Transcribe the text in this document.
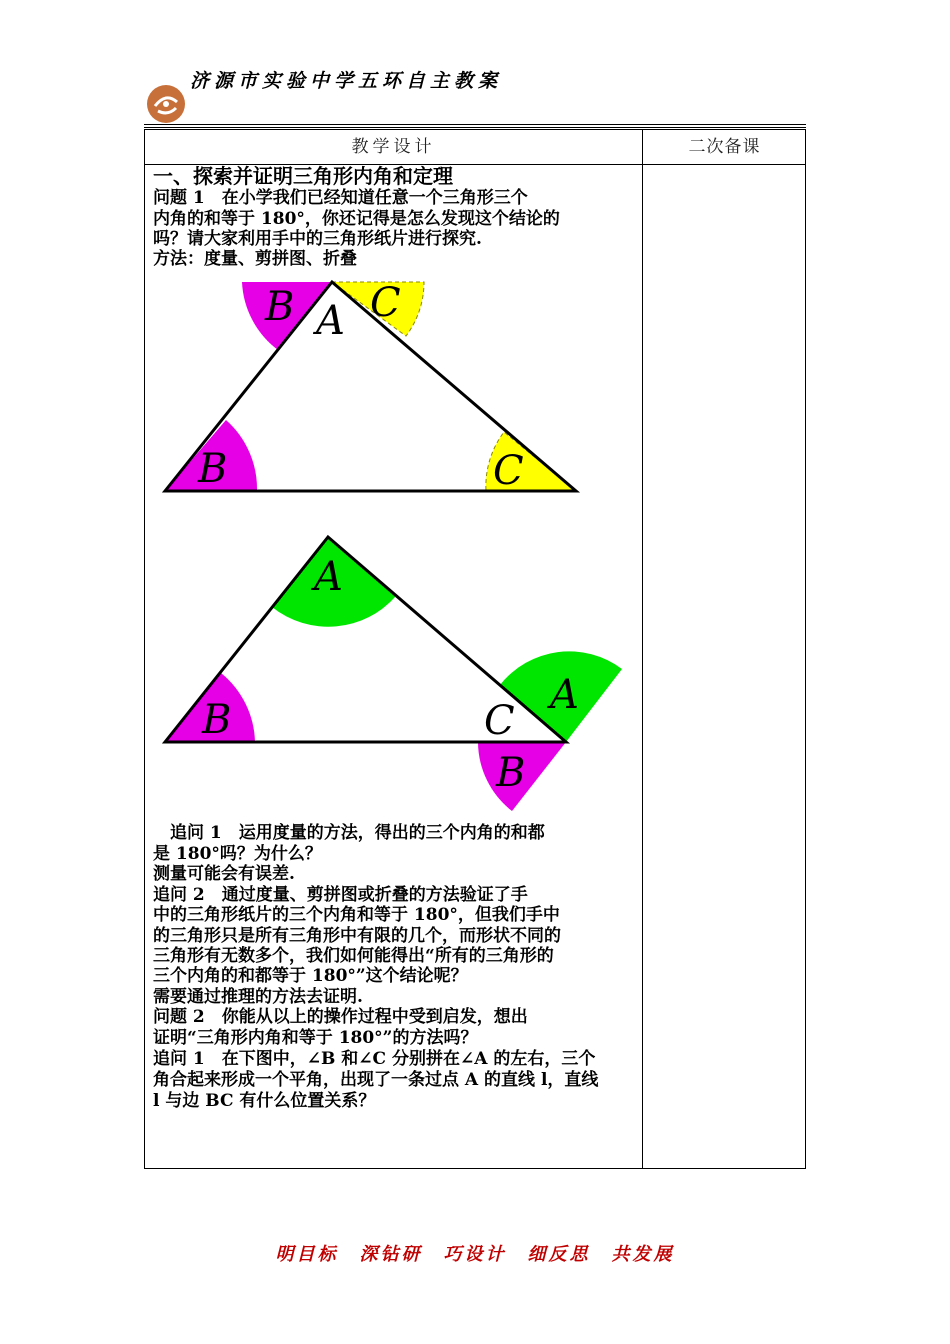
济源市实验中学五环自主教案
教学设计	二次备课
一、探索并证明三角形内角和定理
问题 1　在小学我们已经知道任意一个三角形三个
内角的和等于 180°，你还记得是怎么发现这个结论的
吗？请大家利用手中的三角形纸片进行探究.
方法：度量、剪拼图、折叠
B A C
B	C
A
B	C
A
B
　追问 1　运用度量的方法，得出的三个内角的和都
是 180°吗？为什么？
测量可能会有误差.
追问 2　通过度量、剪拼图或折叠的方法验证了手
中的三角形纸片的三个内角和等于 180°，但我们手中
的三角形只是所有三角形中有限的几个，而形状不同的
三角形有无数多个，我们如何能得出“所有的三角形的
三个内角的和都等于 180°”这个结论呢？
需要通过推理的方法去证明.
问题 2　你能从以上的操作过程中受到启发，想出
证明“三角形内角和等于 180°”的方法吗？
追问 1　在下图中，∠B 和∠C 分别拼在∠A 的左右，三个
角合起来形成一个平角，出现了一条过点 A 的直线 l，直线
l 与边 BC 有什么位置关系？
明目标　深钻研　巧设计　细反思　共发展
